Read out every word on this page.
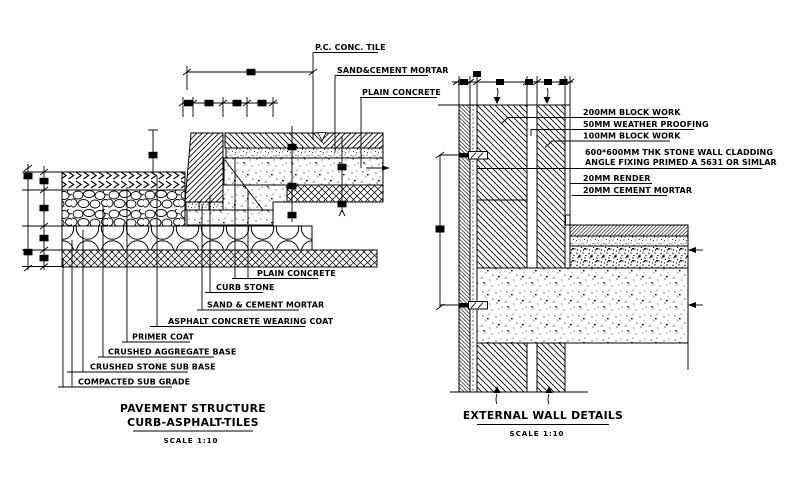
P.C. CONC. TILE
SAND&CEMENT MORTAR
PLAIN CONCRETE
PLAIN CONCRETE
CURB STONE
SAND & CEMENT MORTAR
ASPHALT CONCRETE WEARING COAT
PRIMER COAT
CRUSHED AGGREGATE BASE
CRUSHED STONE SUB BASE
COMPACTED SUB GRADE
PAVEMENT STRUCTURE
CURB-ASPHALT-TILES
SCALE 1:10
200MM BLOCK WORK
50MM WEATHER PROOFING
100MM BLOCK WORK
600*600MM THK STONE WALL CLADDING
ANGLE FIXING PRIMED A 5631 OR SIMLAR
20MM RENDER
20MM CEMENT MORTAR
EXTERNAL WALL DETAILS
SCALE 1:10
